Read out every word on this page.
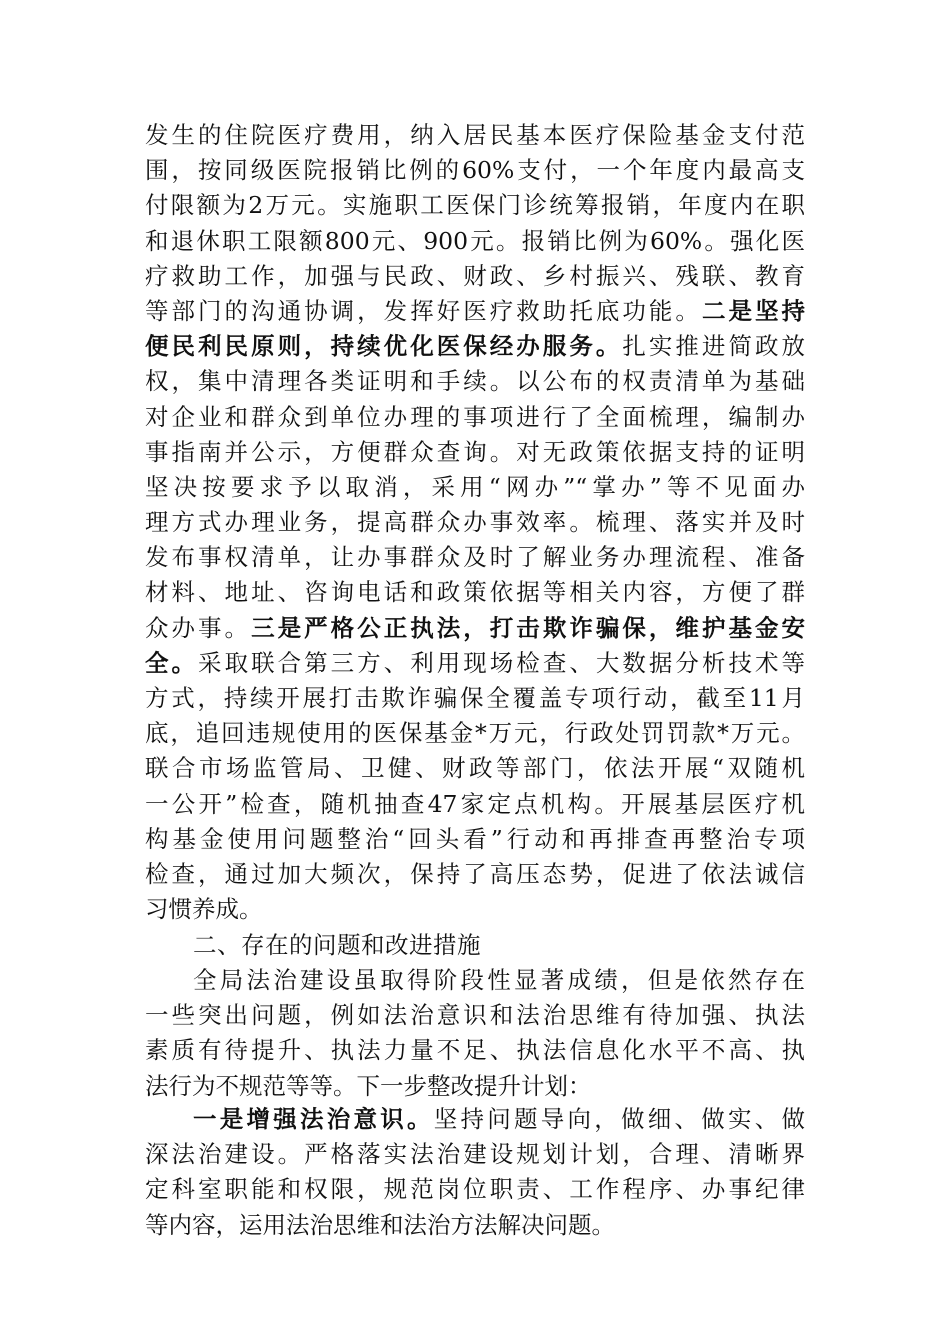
发生的住院医疗费用，纳入居民基本医疗保险基金支付范
围，按同级医院报销比例的60%支付，一个年度内最高支
付限额为2万元。实施职工医保门诊统筹报销，年度内在职
和退休职工限额800元、900元。报销比例为60%。强化医
疗救助工作，加强与民政、财政、乡村振兴、残联、教育
等部门的沟通协调，发挥好医疗救助托底功能。二是坚持
便民利民原则，持续优化医保经办服务。扎实推进简政放
权，集中清理各类证明和手续。以公布的权责清单为基础
对企业和群众到单位办理的事项进行了全面梳理，编制办
事指南并公示，方便群众查询。对无政策依据支持的证明
坚决按要求予以取消，采用“网办”“掌办”等不见面办
理方式办理业务，提高群众办事效率。梳理、落实并及时
发布事权清单，让办事群众及时了解业务办理流程、准备
材料、地址、咨询电话和政策依据等相关内容，方便了群
众办事。三是严格公正执法，打击欺诈骗保，维护基金安
全。采取联合第三方、利用现场检查、大数据分析技术等
方式，持续开展打击欺诈骗保全覆盖专项行动，截至11月
底，追回违规使用的医保基金*万元，行政处罚罚款*万元。
联合市场监管局、卫健、财政等部门，依法开展“双随机
一公开”检查，随机抽查47家定点机构。开展基层医疗机
构基金使用问题整治“回头看”行动和再排查再整治专项
检查，通过加大频次，保持了高压态势，促进了依法诚信
习惯养成。
二、存在的问题和改进措施
全局法治建设虽取得阶段性显著成绩，但是依然存在
一些突出问题，例如法治意识和法治思维有待加强、执法
素质有待提升、执法力量不足、执法信息化水平不高、执
法行为不规范等等。下一步整改提升计划：
一是增强法治意识。坚持问题导向，做细、做实、做
深法治建设。严格落实法治建设规划计划，合理、清晰界
定科室职能和权限，规范岗位职责、工作程序、办事纪律
等内容，运用法治思维和法治方法解决问题。
